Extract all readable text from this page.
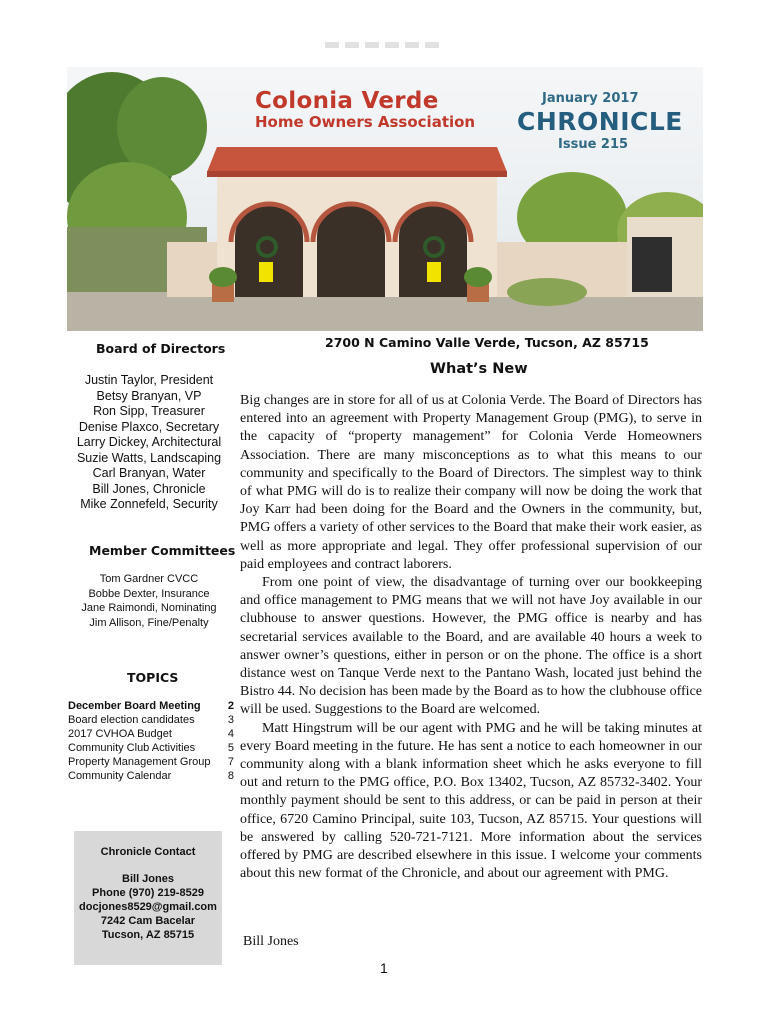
Colonia Verde
Home Owners Association
January 2017
CHRONICLE
Issue 215
2700 N Camino Valle Verde, Tucson, AZ 85715
Board of Directors
Justin Taylor, President
Betsy Branyan, VP
Ron Sipp, Treasurer
Denise Plaxco, Secretary
Larry Dickey, Architectural
Suzie Watts, Landscaping
Carl Branyan, Water
Bill Jones, Chronicle
Mike Zonnefeld, Security
Member Committees
Tom Gardner CVCC
Bobbe Dexter, Insurance
Jane Raimondi, Nominating
Jim Allison, Fine/Penalty
TOPICS
December Board Meeting 2
Board election candidates	3
2017 CVHOA Budget	4
Community Club Activities	5
Property Management Group 7
Community Calendar	8
Chronicle Contact
Bill Jones
Phone (970) 219-8529
docjones8529@gmail.com
7242 Cam Bacelar
Tucson, AZ 85715
What’s New

Big changes are in store for all of us at Colonia Verde. The Board of Directors has entered into an agreement with Property Management Group (PMG), to serve in the capacity of “property management” for Colonia Verde Homeowners Association. There are many misconceptions as to what this means to our community and specifically to the Board of Directors. The simplest way to think of what PMG will do is to realize their company will now be doing the work that Joy Karr had been doing for the Board and the Owners in the community, but, PMG offers a variety of other services to the Board that make their work easier, as well as more appropriate and legal. They offer professional supervision of our paid employees and contract laborers.

From one point of view, the disadvantage of turning over our bookkeeping and office management to PMG means that we will not have Joy available in our clubhouse to answer questions. However, the PMG office is nearby and has secretarial services available to the Board, and are available 40 hours a week to answer owner’s questions, either in person or on the phone. The office is a short distance west on Tanque Verde next to the Pantano Wash, located just behind the Bistro 44. No decision has been made by the Board as to how the clubhouse office will be used. Suggestions to the Board are welcomed.

Matt Hingstrum will be our agent with PMG and he will be taking minutes at every Board meeting in the future. He has sent a notice to each homeowner in our community along with a blank information sheet which he asks everyone to fill out and return to the PMG office, P.O. Box 13402, Tucson, AZ 85732-3402. Your monthly payment should be sent to this address, or can be paid in person at their office, 6720 Camino Principal, suite 103, Tucson, AZ 85715. Your questions will be answered by calling 520-721-7121. More information about the services offered by PMG are described elsewhere in this issue. I welcome your comments about this new format of the Chronicle, and about our agreement with PMG.

Bill Jones
1
